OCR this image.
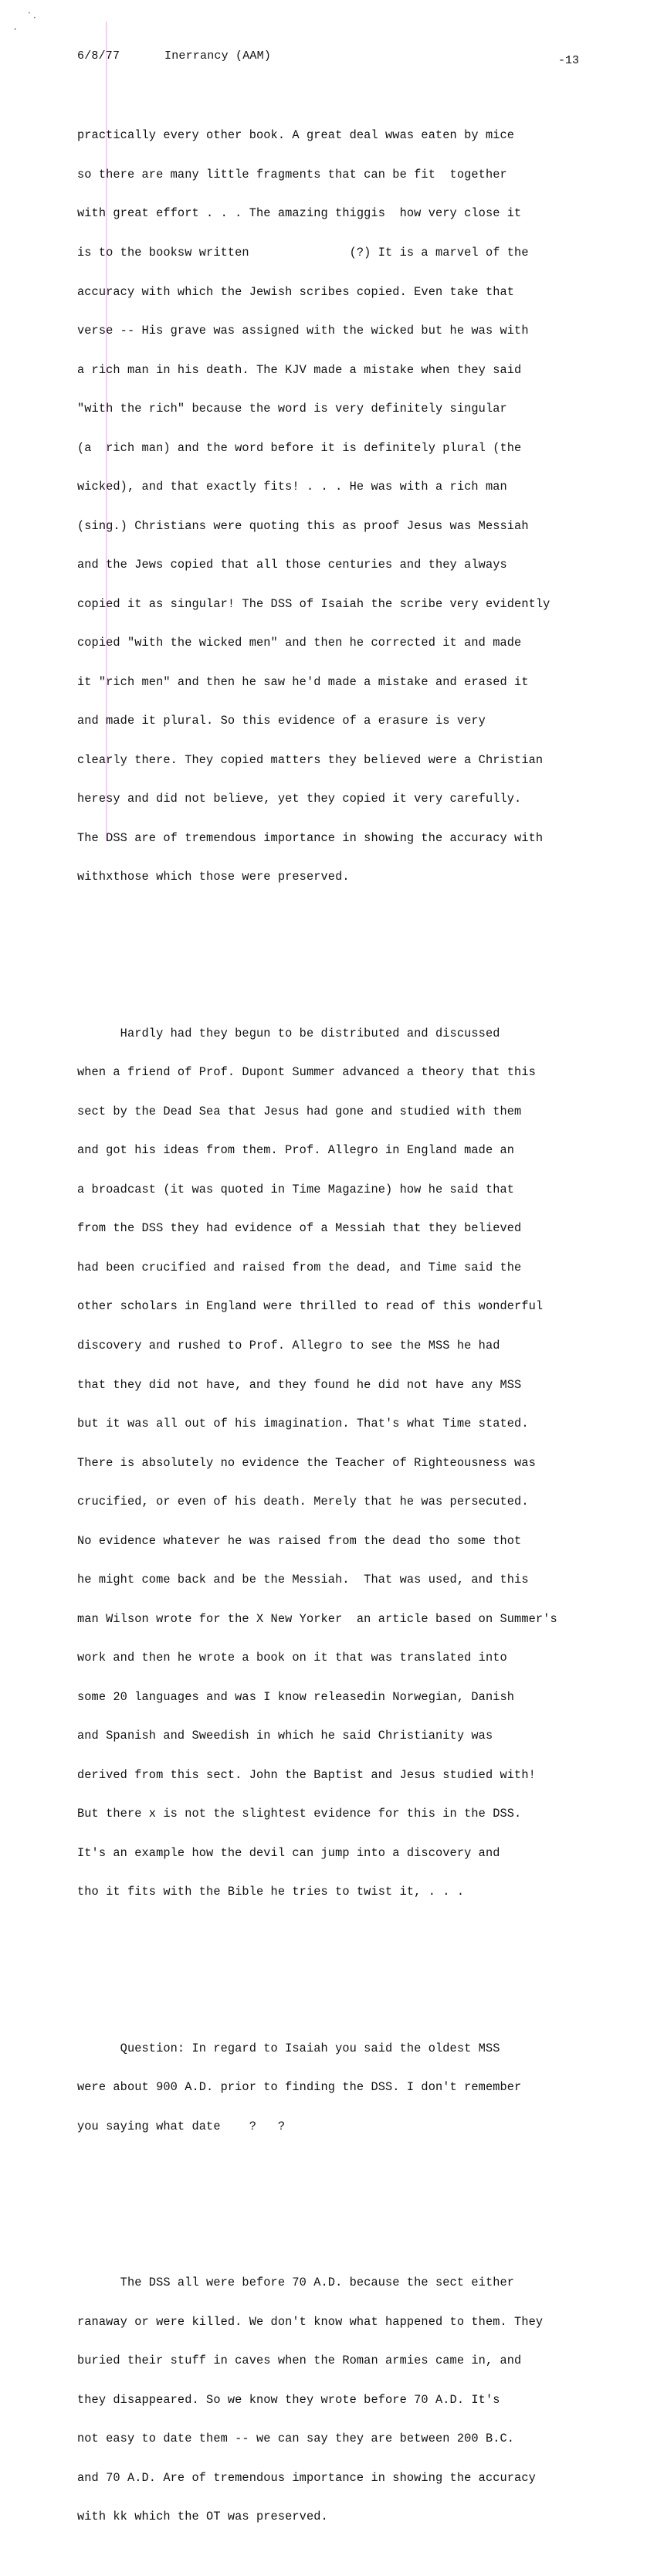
‧ ‧
·
6/8/77	Inerrancy (AAM)	-13

practically every other book. A great deal wwas eaten by mice

so there are many little fragments that can be fit  together

with great effort . . . The amazing thiggis  how very close it

is to the booksw written              (?) It is a marvel of the

accuracy with which the Jewish scribes copied. Even take that

verse -- His grave was assigned with the wicked but he was with

a rich man in his death. The KJV made a mistake when they said

"with the rich" because the word is very definitely singular

(a  rich man) and the word before it is definitely plural (the

wicked), and that exactly fits! . . . He was with a rich man

(sing.) Christians were quoting this as proof Jesus was Messiah

and the Jews copied that all those centuries and they always

copied it as singular! The DSS of Isaiah the scribe very evidently

copied "with the wicked men" and then he corrected it and made

it "rich men" and then he saw he'd made a mistake and erased it

and made it plural. So this evidence of a erasure is very

clearly there. They copied matters they believed were a Christian

heresy and did not believe, yet they copied it very carefully.

The DSS are of tremendous importance in showing the accuracy with

withxthose which those were preserved.

Hardly had they begun to be distributed and discussed

when a friend of Prof. Dupont Summer advanced a theory that this

sect by the Dead Sea that Jesus had gone and studied with them

and got his ideas from them. Prof. Allegro in England made an

a broadcast (it was quoted in Time Magazine) how he said that

from the DSS they had evidence of a Messiah that they believed

had been crucified and raised from the dead, and Time said the

other scholars in England were thrilled to read of this wonderful

discovery and rushed to Prof. Allegro to see the MSS he had

that they did not have, and they found he did not have any MSS

but it was all out of his imagination. That's what Time stated.

There is absolutely no evidence the Teacher of Righteousness was

crucified, or even of his death. Merely that he was persecuted.

No evidence whatever he was raised from the dead tho some thot

he might come back and be the Messiah.  That was used, and this

man Wilson wrote for the X New Yorker  an article based on Summer's

work and then he wrote a book on it that was translated into

some 20 languages and was I know releasedin Norwegian, Danish

and Spanish and Sweedish in which he said Christianity was

derived from this sect. John the Baptist and Jesus studied with!

But there x is not the slightest evidence for this in the DSS.

It's an example how the devil can jump into a discovery and

tho it fits with the Bible he tries to twist it, . . .

Question: In regard to Isaiah you said the oldest MSS

were about 900 A.D. prior to finding the DSS. I don't remember

you saying what date    ?   ?

The DSS all were before 70 A.D. because the sect either

ranaway or were killed. We don't know what happened to them. They

buried their stuff in caves when the Roman armies came in, and

they disappeared. So we know they wrote before 70 A.D. It's

not easy to date them -- we can say they are between 200 B.C.

and 70 A.D. Are of tremendous importance in showing the accuracy

with kk which the OT was preserved.
